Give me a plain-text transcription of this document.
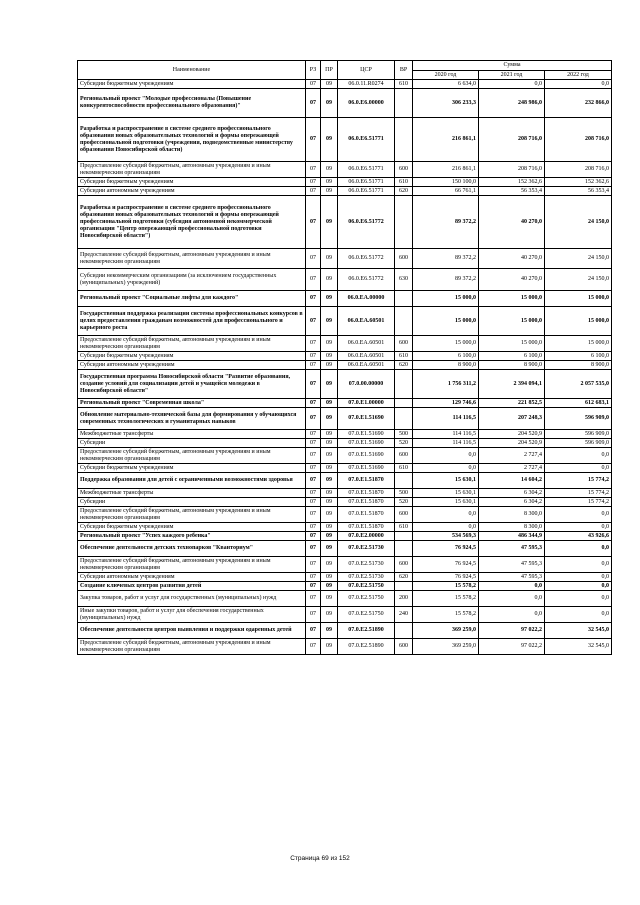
Наименование	РЗ	ПР	ЦСР	ВР	Сумма		
					2020 год	2021 год	2022 год
Субсидии бюджетным учреждениям	07	09	06.0.11.R0274	610	6 634,0	0,0	0,0
Региональный проект "Молодые профессионалы (Повышение конкурентоспособности профессионального образования)"	07	09	06.0.E6.00000		306 233,3	248 986,0	232 866,0
Разработка и распространение в системе среднего профессионального образования новых образовательных технологий и формы опережающей профессиональной подготовки (учреждения, подведомственные министерству образования Новосибирской области)	07	09	06.0.E6.51771		216 861,1	208 716,0	208 716,0
Предоставление субсидий бюджетным, автономным учреждениям и иным некоммерческим организациям	07	09	06.0.E6.51771	600	216 861,1	208 716,0	208 716,0
Субсидии бюджетным учреждениям	07	09	06.0.E6.51771	610	150 100,0	152 362,6	152 362,6
Субсидии автономным учреждениям	07	09	06.0.E6.51771	620	66 761,1	56 353,4	56 353,4
Разработка и распространение в системе среднего профессионального образования новых образовательных технологий и формы опережающей профессиональной подготовки (субсидия автономной некоммерческой организации "Центр опережающей профессиональной подготовки Новосибирской области")	07	09	06.0.E6.51772		89 372,2	40 270,0	24 150,0
Предоставление субсидий бюджетным, автономным учреждениям и иным некоммерческим организациям	07	09	06.0.E6.51772	600	89 372,2	40 270,0	24 150,0
Субсидии некоммерческим организациям (за исключением государственных (муниципальных) учреждений)	07	09	06.0.E6.51772	630	89 372,2	40 270,0	24 150,0
Региональный проект "Социальные лифты для каждого"	07	09	06.0.EA.00000		15 000,0	15 000,0	15 000,0
Государственная поддержка реализации системы профессиональных конкурсов в целях предоставления гражданам возможностей для профессионального и карьерного роста	07	09	06.0.EA.60501		15 000,0	15 000,0	15 000,0
Предоставление субсидий бюджетным, автономным учреждениям и иным некоммерческим организациям	07	09	06.0.EA.60501	600	15 000,0	15 000,0	15 000,0
Субсидии бюджетным учреждениям	07	09	06.0.EA.60501	610	6 100,0	6 100,0	6 100,0
Субсидии автономным учреждениям	07	09	06.0.EA.60501	620	8 900,0	8 900,0	8 900,0
Государственная программа Новосибирской области "Развитие образования, создание условий для социализации детей и учащейся молодежи в Новосибирской области"	07	09	07.0.00.00000		1 756 311,2	2 394 094,1	2 057 535,0
Региональный проект "Современная школа"	07	09	07.0.E1.00000		129 746,6	221 852,5	612 683,1
Обновление материально-технической базы для формирования у обучающихся современных технологических и гуманитарных навыков	07	09	07.0.E1.51690		114 116,5	207 248,3	596 909,0
Межбюджетные трансферты	07	09	07.0.E1.51690	500	114 116,5	204 520,9	596 909,0
Субсидии	07	09	07.0.E1.51690	520	114 116,5	204 520,9	596 909,0
Предоставление субсидий бюджетным, автономным учреждениям и иным некоммерческим организациям	07	09	07.0.E1.51690	600	0,0	2 727,4	0,0
Субсидии бюджетным учреждениям	07	09	07.0.E1.51690	610	0,0	2 727,4	0,0
Поддержка образования для детей с ограниченными возможностями здоровья	07	09	07.0.E1.51870		15 630,1	14 604,2	15 774,2
Межбюджетные трансферты	07	09	07.0.E1.51870	500	15 630,1	6 304,2	15 774,2
Субсидии	07	09	07.0.E1.51870	520	15 630,1	6 304,2	15 774,2
Предоставление субсидий бюджетным, автономным учреждениям и иным некоммерческим организациям	07	09	07.0.E1.51870	600	0,0	8 300,0	0,0
Субсидии бюджетным учреждениям	07	09	07.0.E1.51870	610	0,0	8 300,0	0,0
Региональный проект "Успех каждого ребенка"	07	09	07.0.E2.00000		534 569,3	486 344,9	43 926,6
Обеспечение деятельности детских технопарков "Кванториум"	07	09	07.0.E2.51730		76 924,5	47 595,3	0,0
Предоставление субсидий бюджетным, автономным учреждениям и иным некоммерческим организациям	07	09	07.0.E2.51730	600	76 924,5	47 595,3	0,0
Субсидии автономным учреждениям	07	09	07.0.E2.51730	620	76 924,5	47 595,3	0,0
Создание ключевых центров развития детей	07	09	07.0.E2.51750		15 578,2	0,0	0,0
Закупка товаров, работ и услуг для государственных (муниципальных) нужд	07	09	07.0.E2.51750	200	15 578,2	0,0	0,0
Иные закупки товаров, работ и услуг для обеспечения государственных (муниципальных) нужд	07	09	07.0.E2.51750	240	15 578,2	0,0	0,0
Обеспечение деятельности центров выявления и поддержки одаренных детей	07	09	07.0.E2.51890		369 259,0	97 022,2	32 545,0
Предоставление субсидий бюджетным, автономным учреждениям и иным некоммерческим организациям	07	09	07.0.E2.51890	600	369 259,0	97 022,2	32 545,0
Страница 69 из 152
